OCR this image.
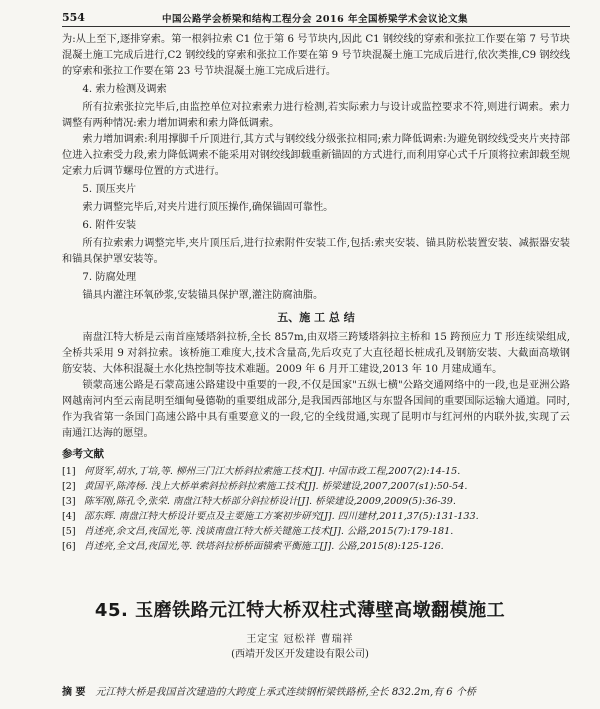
554	中国公路学会桥梁和结构工程分会 2016 年全国桥梁学术会议论文集

为:从上至下,逐排穿索。第一根斜拉索 C1 位于第 6 号节块内,因此 C1 钢绞线的穿索和张拉工作要在第 7 号节块混凝土施工完成后进行,C2 钢绞线的穿索和张拉工作要在第 9 号节块混凝土施工完成后进行,依次类推,C9 钢绞线的穿索和张拉工作要在第 23 号节块混凝土施工完成后进行。

4. 索力检测及调索

所有拉索张拉完毕后,由监控单位对拉索索力进行检测,若实际索力与设计或监控要求不符,则进行调索。索力调整有两种情况:索力增加调索和索力降低调索。

索力增加调索:利用撑脚千斤顶进行,其方式与钢绞线分级张拉相同;索力降低调索:为避免钢绞线受夹片夹持部位进入拉索受力段,索力降低调索不能采用对钢绞线卸载重新锚固的方式进行,而利用穿心式千斤顶将拉索卸载至规定索力后调节螺母位置的方式进行。

5. 顶压夹片

索力调整完毕后,对夹片进行顶压操作,确保锚固可靠性。

6. 附件安装

所有拉索索力调整完毕,夹片顶压后,进行拉索附件安装工作,包括:索夹安装、锚具防松装置安装、减振器安装和锚具保护罩安装等。

7. 防腐处理

锚具内灌注环氧砂浆,安装锚具保护罩,灌注防腐油脂。

五、施 工 总 结

南盘江特大桥是云南首座矮塔斜拉桥,全长 857m,由双塔三跨矮塔斜拉主桥和 15 跨预应力 T 形连续梁组成,全桥共采用 9 对斜拉索。该桥施工难度大,技术含量高,先后攻克了大直径超长桩成孔及钢筋安装、大截面高墩钢筋安装、大体积混凝土水化热控制等技术难题。2009 年 6 月开工建设,2013 年 10 月建成通车。

锁蒙高速公路是石蒙高速公路建设中重要的一段,不仅是国家"五纵七横"公路交通网络中的一段,也是亚洲公路网越南河内至云南昆明至缅甸曼德勒的重要组成部分,是我国西部地区与东盟各国间的重要国际运输大通道。同时,作为我省第一条国门高速公路中具有重要意义的一段,它的全线贯通,实现了昆明市与红河州的内联外拔,实现了云南通江达海的愿望。

参考文献

[1] 何贤军,胡水,丁培,等. 柳州三门江大桥斜拉索施工技术[J]. 中国市政工程,2007(2):14-15.

[2] 黄国平,陈涛杨. 浅上大桥单索斜拉桥斜拉索施工技术[J]. 桥梁建设,2007,2007(s1):50-54.

[3] 陈军刚,陈孔令,张荣. 南盘江特大桥部分斜拉桥设计[J]. 桥梁建设,2009,2009(5):36-39.

[4] 邵东辉. 南盘江特大桥设计要点及主要施工方案初步研究[J]. 四川建材,2011,37(5):131-133.

[5] 肖述亮,余文昌,夜国光,等. 浅谈南盘江特大桥关键施工技术[J]. 公路,2015(7):179-181.

[6] 肖述亮,全文昌,夜国光,等. 铁塔斜拉桥桥面锚索平衡施工[J]. 公路,2015(8):125-126.

45. 玉磨铁路元江特大桥双柱式薄壁高墩翻模施工
王定宝 冠松祥 曹瑞祥
(西靖开发区开发建设有限公司)
摘 要 元江特大桥是我国首次建造的大跨度上承式连续钢桁梁铁路桥,全长 832.2m,有 6 个桥
